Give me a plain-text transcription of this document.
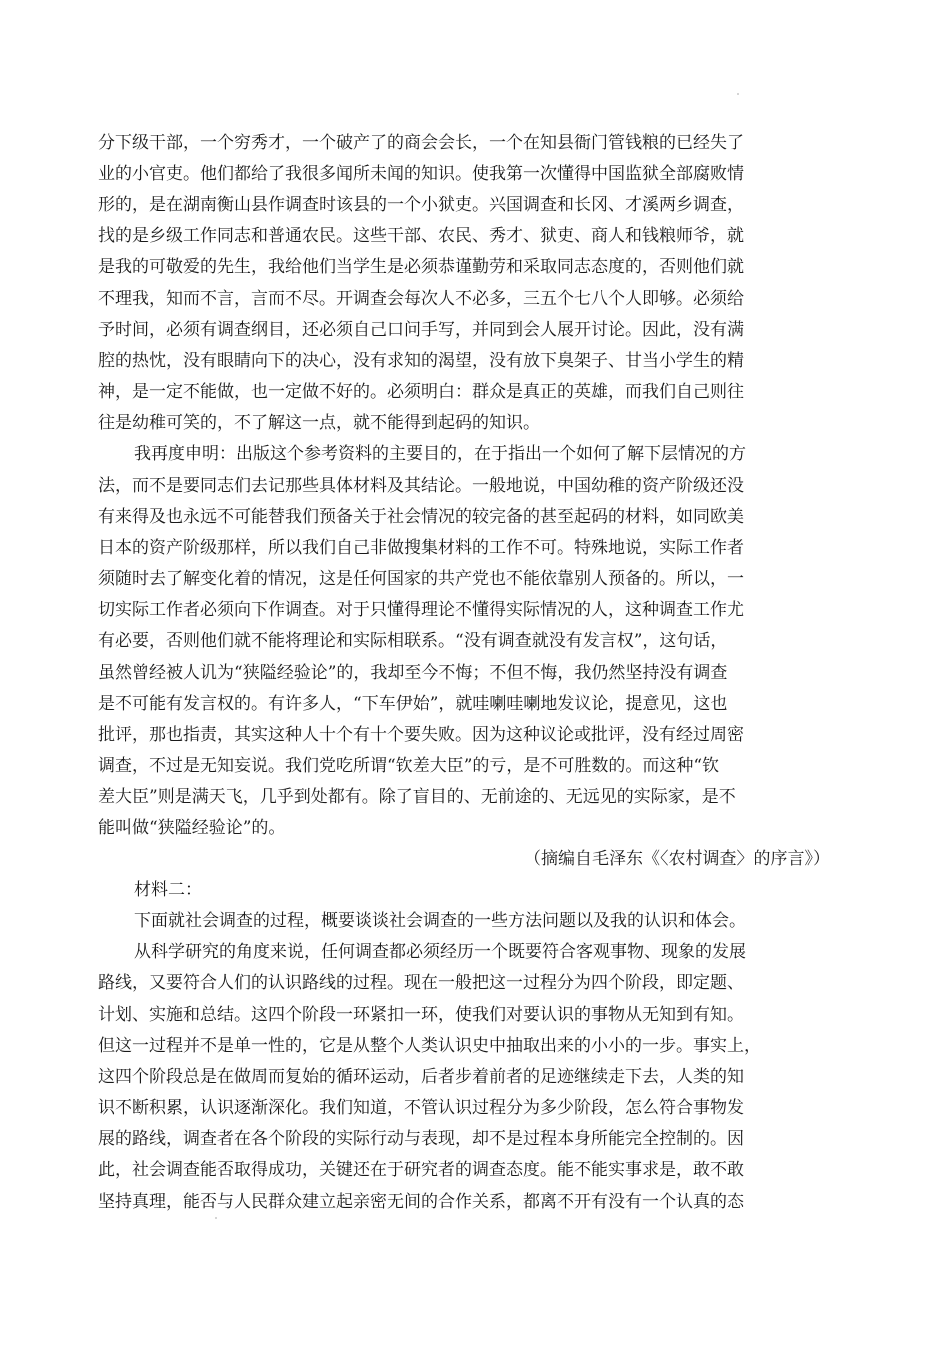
分下级干部，一个穷秀才，一个破产了的商会会长，一个在知县衙门管钱粮的已经失了

业的小官吏。他们都给了我很多闻所未闻的知识。使我第一次懂得中国监狱全部腐败情

形的，是在湖南衡山县作调查时该县的一个小狱吏。兴国调查和长冈、才溪两乡调查，

找的是乡级工作同志和普通农民。这些干部、农民、秀才、狱吏、商人和钱粮师爷，就

是我的可敬爱的先生，我给他们当学生是必须恭谨勤劳和采取同志态度的，否则他们就

不理我，知而不言，言而不尽。开调查会每次人不必多，三五个七八个人即够。必须给

予时间，必须有调查纲目，还必须自己口问手写，并同到会人展开讨论。因此，没有满

腔的热忱，没有眼睛向下的决心，没有求知的渴望，没有放下臭架子、甘当小学生的精

神，是一定不能做，也一定做不好的。必须明白：群众是真正的英雄，而我们自己则往

往是幼稚可笑的，不了解这一点，就不能得到起码的知识。

我再度申明：出版这个参考资料的主要目的，在于指出一个如何了解下层情况的方

法，而不是要同志们去记那些具体材料及其结论。一般地说，中国幼稚的资产阶级还没

有来得及也永远不可能替我们预备关于社会情况的较完备的甚至起码的材料，如同欧美

日本的资产阶级那样，所以我们自己非做搜集材料的工作不可。特殊地说，实际工作者

须随时去了解变化着的情况，这是任何国家的共产党也不能依靠别人预备的。所以，一

切实际工作者必须向下作调查。对于只懂得理论不懂得实际情况的人，这种调查工作尤

有必要，否则他们就不能将理论和实际相联系。“没有调查就没有发言权”，这句话，

虽然曾经被人讥为“狭隘经验论”的，我却至今不悔；不但不悔，我仍然坚持没有调查

是不可能有发言权的。有许多人，“下车伊始”，就哇喇哇喇地发议论，提意见，这也

批评，那也指责，其实这种人十个有十个要失败。因为这种议论或批评，没有经过周密

调查，不过是无知妄说。我们党吃所谓“钦差大臣”的亏，是不可胜数的。而这种“钦

差大臣”则是满天飞，几乎到处都有。除了盲目的、无前途的、无远见的实际家，是不

能叫做“狭隘经验论”的。

（摘编自毛泽东《〈农村调查〉的序言》）

材料二：

下面就社会调查的过程，概要谈谈社会调查的一些方法问题以及我的认识和体会。

从科学研究的角度来说，任何调查都必须经历一个既要符合客观事物、现象的发展

路线，又要符合人们的认识路线的过程。现在一般把这一过程分为四个阶段，即定题、

计划、实施和总结。这四个阶段一环紧扣一环，使我们对要认识的事物从无知到有知。

但这一过程并不是单一性的，它是从整个人类认识史中抽取出来的小小的一步。事实上，

这四个阶段总是在做周而复始的循环运动，后者步着前者的足迹继续走下去，人类的知

识不断积累，认识逐渐深化。我们知道，不管认识过程分为多少阶段，怎么符合事物发

展的路线，调查者在各个阶段的实际行动与表现，却不是过程本身所能完全控制的。因

此，社会调查能否取得成功，关键还在于研究者的调查态度。能不能实事求是，敢不敢

坚持真理，能否与人民群众建立起亲密无间的合作关系，都离不开有没有一个认真的态
